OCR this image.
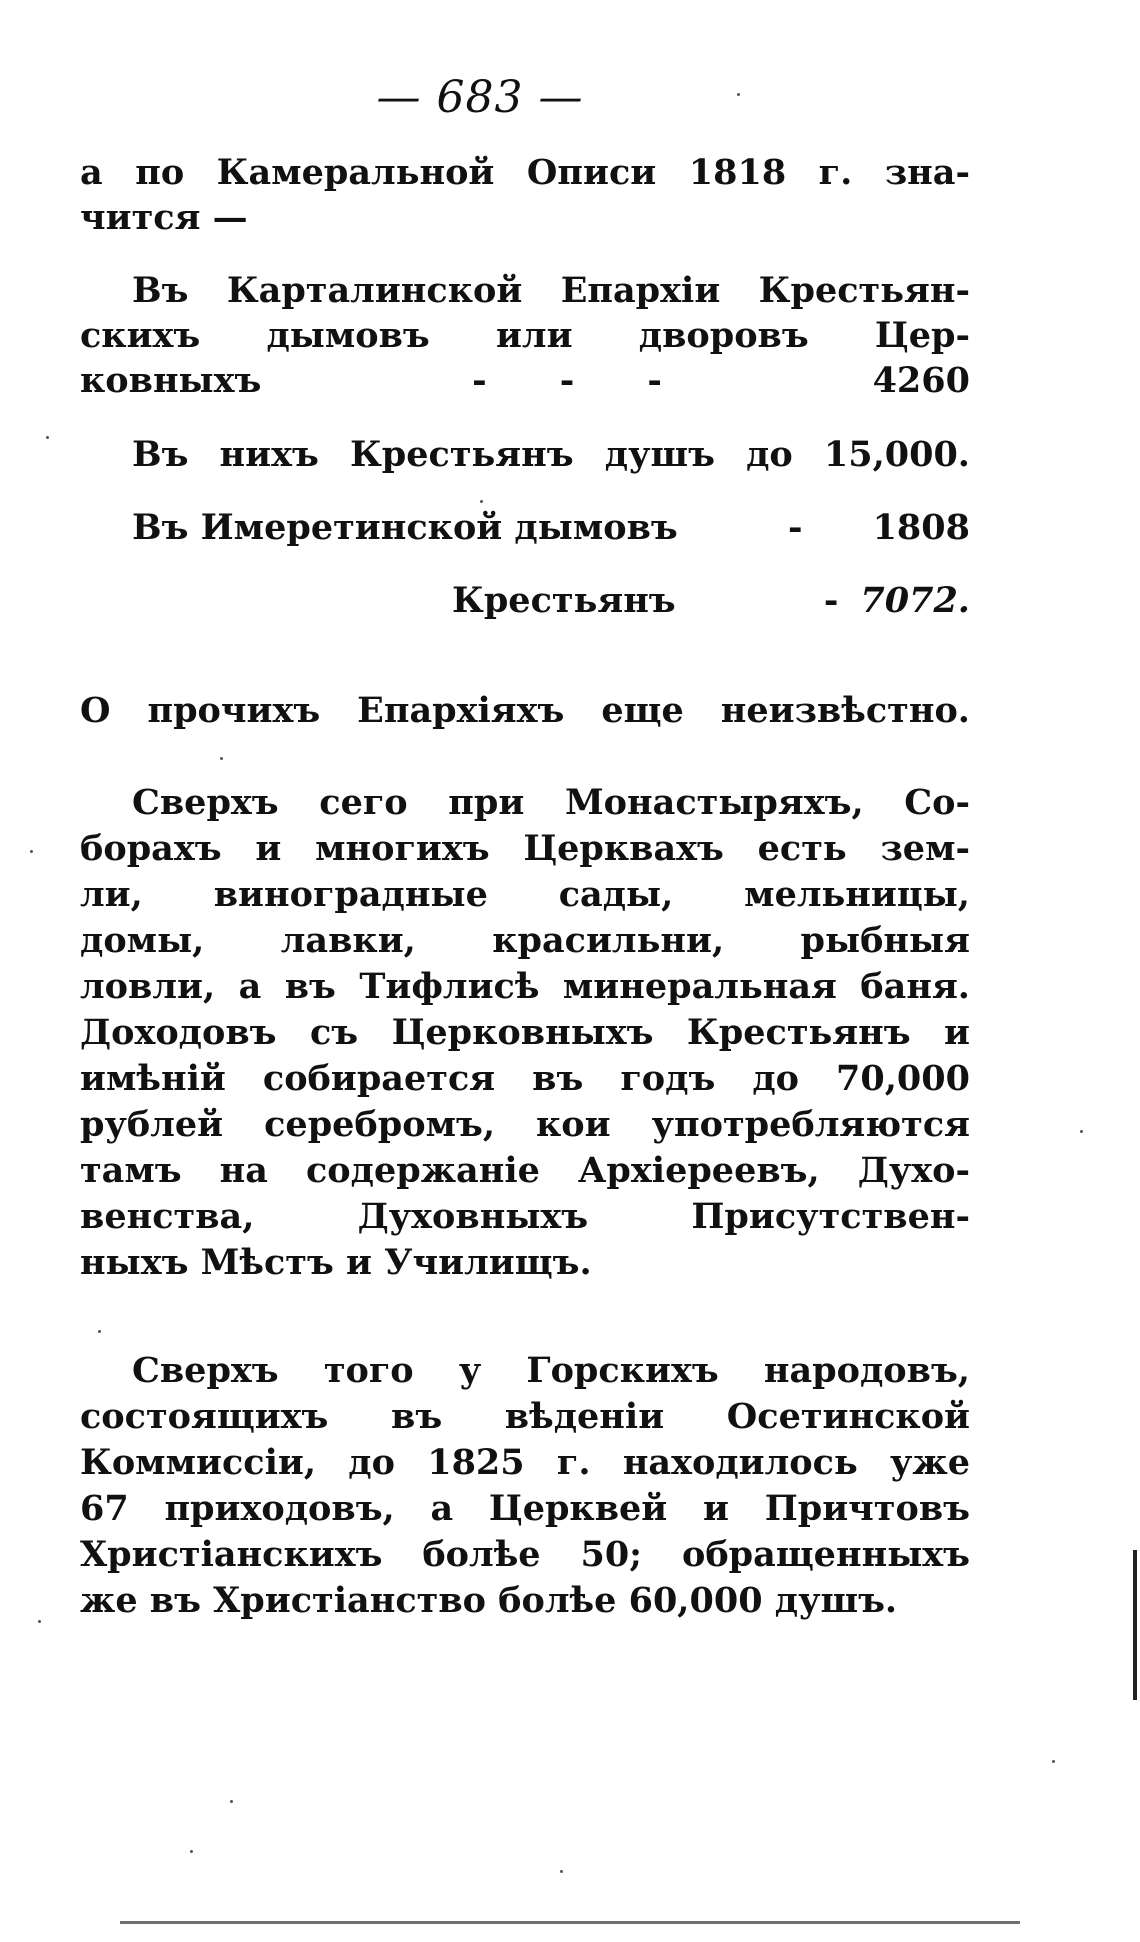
— 683 —
а по Камеральной Описи 1818 г. зна-
чится —
Въ Карталинской Епархіи Крестьян-
скихъ дымовъ или дворовъ Цер-
ковныхъ	-      -      -	4260
Въ нихъ Крестьянъ душъ до 15,000.
Въ Имеретинской дымовъ	- 1808
Крестьянъ	- 7072.
О прочихъ Епархіяхъ еще неизвѣстно.
Сверхъ сего при Монастыряхъ, Со-
борахъ и многихъ Церквахъ есть зем-
ли, виноградные сады, мельницы,
домы, лавки, красильни, рыбныя
ловли, а въ Тифлисѣ минеральная баня.
Доходовъ съ Церковныхъ Крестьянъ и
имѣній собирается въ годъ до 70,000
рублей серебромъ, кои употребляются
тамъ на содержаніе Архіереевъ, Духо-
венства, Духовныхъ Присутствен-
ныхъ Мѣстъ и Училищъ.
Сверхъ того у Горскихъ народовъ,
состоящихъ въ вѣденіи Осетинской
Коммиссіи, до 1825 г. находилось уже
67 приходовъ, а Церквей и Причтовъ
Христіанскихъ болѣе 50; обращенныхъ
же въ Христіанство болѣе 60,000 душъ.
